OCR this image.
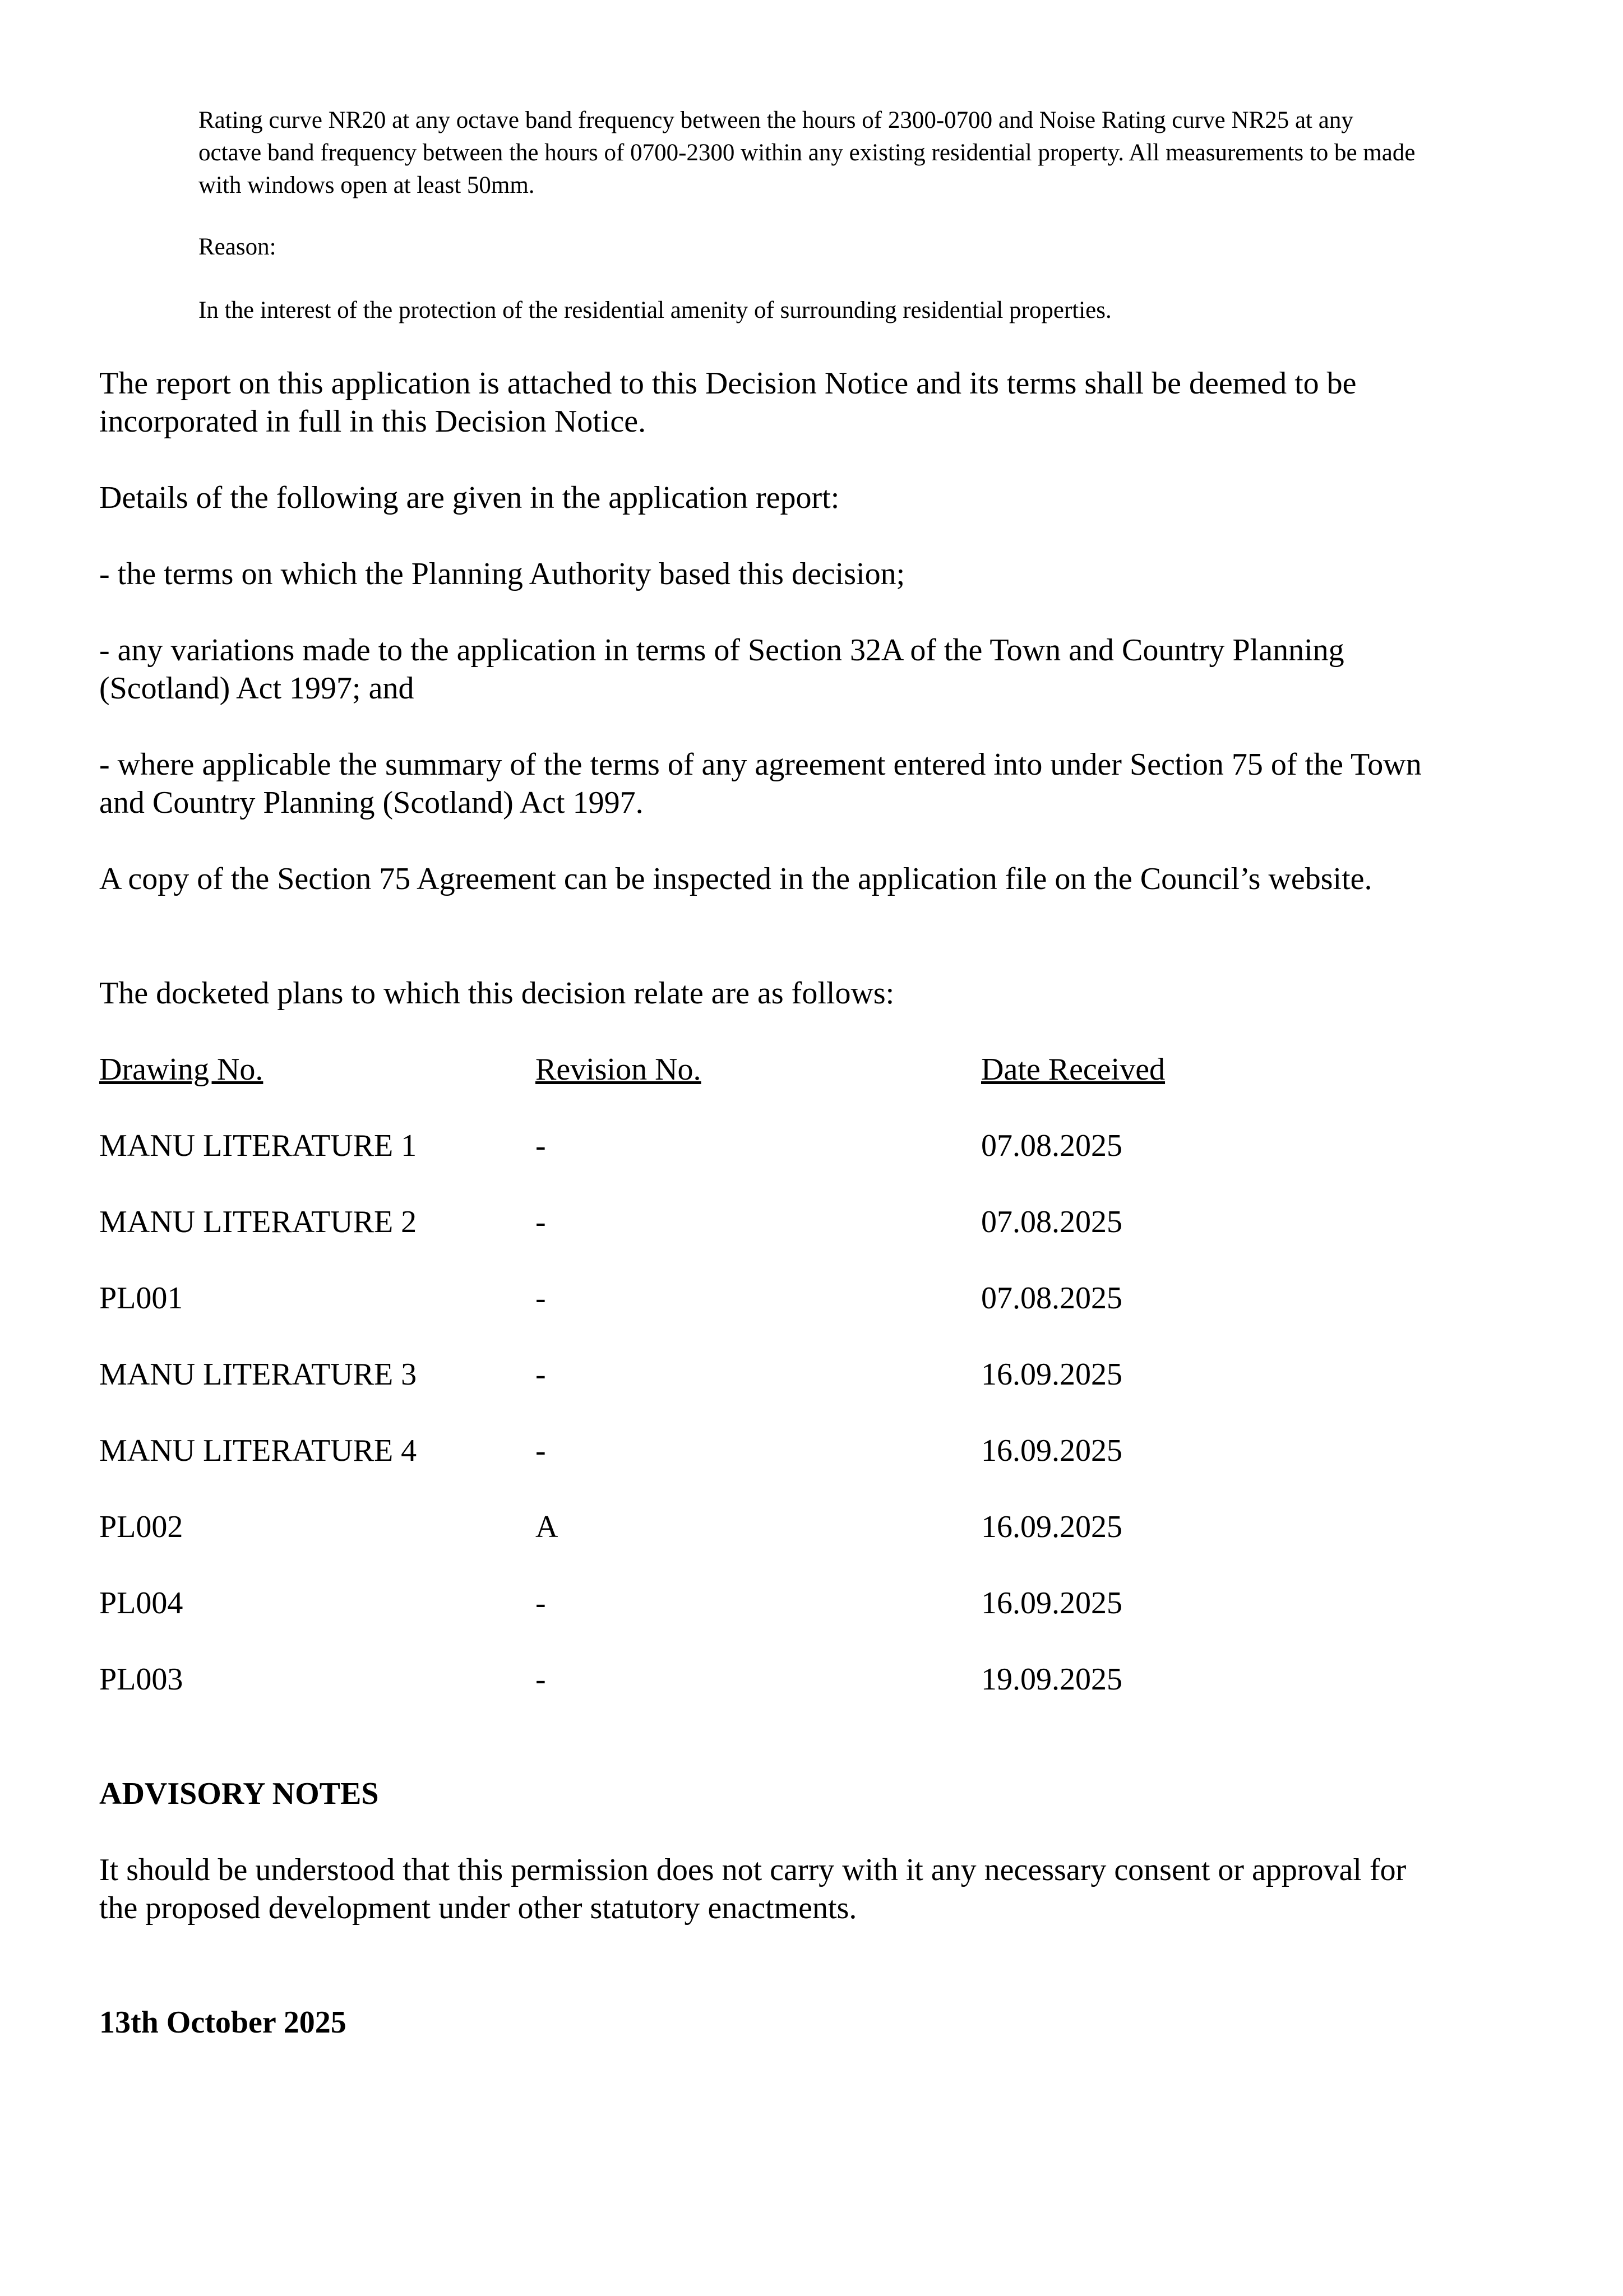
Rating curve NR20 at any octave band frequency between the hours of 2300-0700 and Noise Rating curve NR25 at any octave band frequency between the hours of 0700-2300 within any existing residential property. All measurements to be made with windows open at least 50mm.

Reason:

In the interest of the protection of the residential amenity of surrounding residential properties.

The report on this application is attached to this Decision Notice and its terms shall be deemed to be incorporated in full in this Decision Notice.

Details of the following are given in the application report:

- the terms on which the Planning Authority based this decision;

- any variations made to the application in terms of Section 32A of the Town and Country Planning (Scotland) Act 1997; and

- where applicable the summary of the terms of any agreement entered into under Section 75 of the Town and Country Planning (Scotland) Act 1997.

A copy of the Section 75 Agreement can be inspected in the application file on the Council’s website.

The docketed plans to which this decision relate are as follows:

Drawing No.	Revision No.	Date Received
MANU LITERATURE 1	-	07.08.2025
MANU LITERATURE 2	-	07.08.2025
PL001	-	07.08.2025
MANU LITERATURE 3	-	16.09.2025
MANU LITERATURE 4	-	16.09.2025
PL002	A	16.09.2025
PL004	-	16.09.2025
PL003	-	19.09.2025

ADVISORY NOTES

It should be understood that this permission does not carry with it any necessary consent or approval for the proposed development under other statutory enactments.

13th October 2025
